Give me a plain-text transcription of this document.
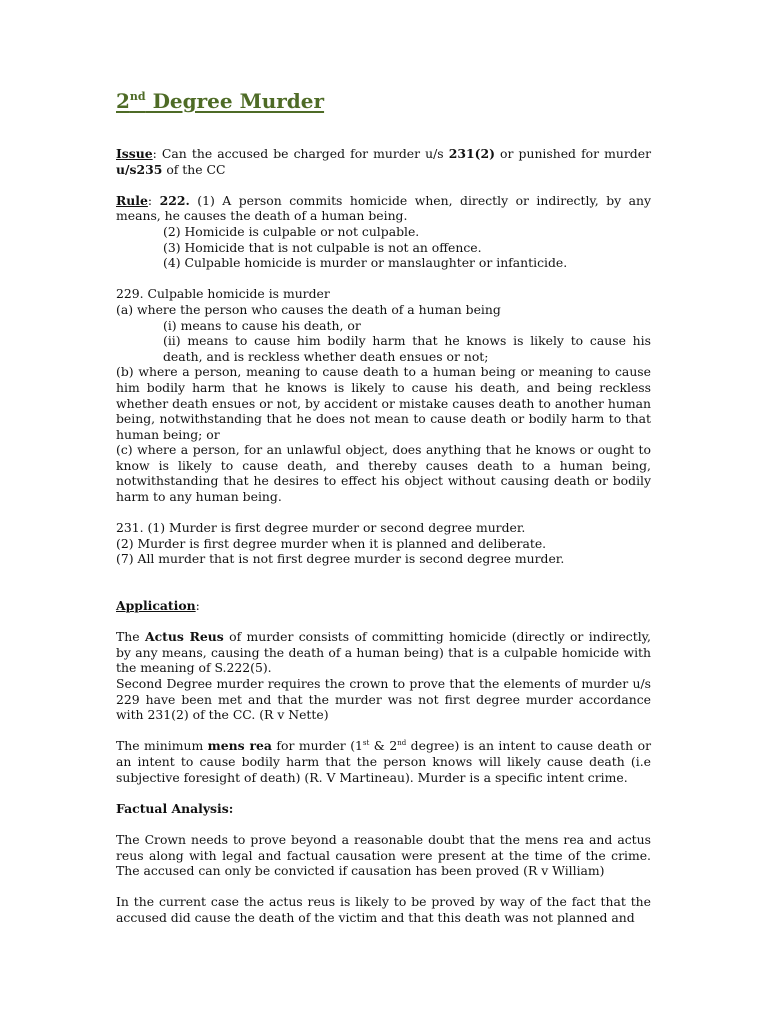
2nd Degree Murder

Issue: Can the accused be charged for murder u/s 231(2) or punished for murder u/s235 of the CC

Rule: 222. (1) A person commits homicide when, directly or indirectly, by any means, he causes the death of a human being.

(2) Homicide is culpable or not culpable.

(3) Homicide that is not culpable is not an offence.

(4) Culpable homicide is murder or manslaughter or infanticide.

229. Culpable homicide is murder

(a) where the person who causes the death of a human being

(i) means to cause his death, or

(ii) means to cause him bodily harm that he knows is likely to cause his death, and is reckless whether death ensues or not;

(b) where a person, meaning to cause death to a human being or meaning to cause him bodily harm that he knows is likely to cause his death, and being reckless whether death ensues or not, by accident or mistake causes death to another human being, notwithstanding that he does not mean to cause death or bodily harm to that human being; or

(c) where a person, for an unlawful object, does anything that he knows or ought to know is likely to cause death, and thereby causes death to a human being, notwithstanding that he desires to effect his object without causing death or bodily harm to any human being.

231. (1) Murder is first degree murder or second degree murder.

(2) Murder is first degree murder when it is planned and deliberate.

(7) All murder that is not first degree murder is second degree murder.

Application:

The Actus Reus of murder consists of committing homicide (directly or indirectly, by any means, causing the death of a human being) that is a culpable homicide with the meaning of S.222(5).

Second Degree murder requires the crown to prove that the elements of murder u/s 229 have been met and that the murder was not first degree murder accordance with 231(2) of the CC. (R v Nette)

The minimum mens rea for murder (1st & 2nd degree) is an intent to cause death or an intent to cause bodily harm that the person knows will likely cause death (i.e subjective foresight of death) (R. V Martineau). Murder is a specific intent crime.

Factual Analysis:

The Crown needs to prove beyond a reasonable doubt that the mens rea and actus reus along with legal and factual causation were present at the time of the crime. The accused can only be convicted if causation has been proved (R v William)

In the current case the actus reus is likely to be proved by way of the fact that the accused did cause the death of the victim and that this death was not planned and
